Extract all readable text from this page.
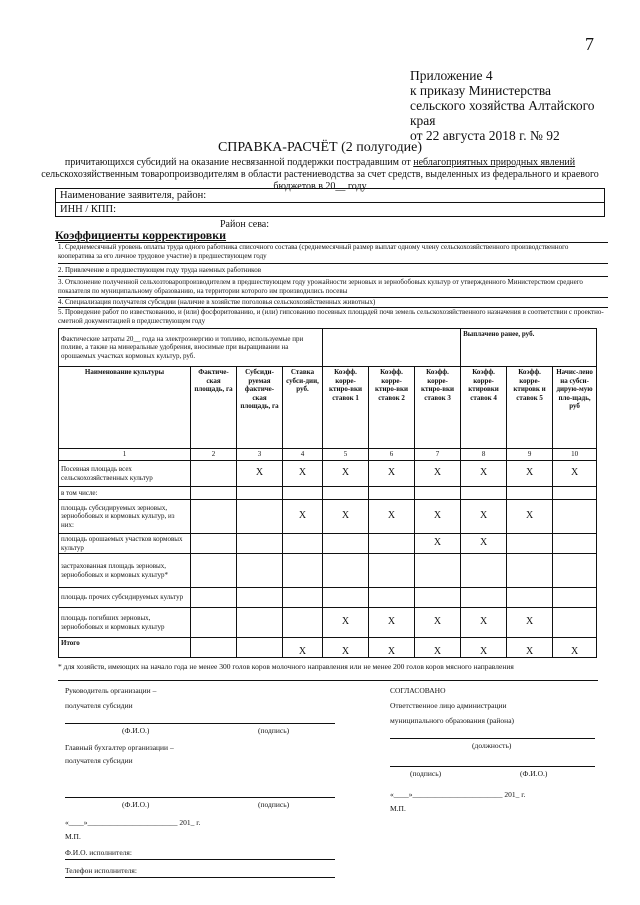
7
Приложение 4
к приказу Министерства
сельского хозяйства Алтайского
края
от 22 августа 2018 г. № 92
СПРАВКА-РАСЧЁТ (2 полугодие)
причитающихся субсидий на оказание несвязанной поддержки пострадавшим от неблагоприятных природных явлений сельскохозяйственным товаропроизводителям в области растениеводства за счет средств, выделенных из федерального и краевого бюджетов в 20__ году
Наименование заявителя, район:
ИНН / КПП:
Район сева:
Коэффициенты корректировки
1. Среднемесячный уровень оплаты труда одного работника списочного состава (среднемесячный размер выплат одному члену сельскохозяйственного производственного кооператива за его личное трудовое участие) в предшествующем году
2. Привлечение в предшествующем году труда наемных работников
3. Отклонение полученной сельхозтоваропроизводителем в предшествующем году урожайности зерновых и зернобобовых культур от утвержденного Министерством среднего показателя по муниципальному образованию, на территории которого им производились посевы
4. Специализация получателя субсидии (наличие в хозяйстве поголовья сельскохозяйственных животных)
5. Проведение работ по известкованию, и (или) фосфоритованию, и (или) гипсованию посевных площадей почв земель сельскохозяйственного назначения в соответствии с проектно-сметной документацией в предшествующем году
Фактические затраты 20__ года на электроэнергию и топливо, используемые при поливе, а также на минеральные удобрения, вносимые при выращивании на орошаемых участках кормовых культур, руб.							Выплачено ранее, руб.		
Наименование культуры	Фактиче-ская площадь, га	Субсиди-руемая фактиче-ская площадь, га	Ставка субси-дии, руб.	Коэфф. корре-ктиро-вки ставок 1	Коэфф. корре-ктиро-вки ставок 2	Коэфф. корре-ктиро-вки ставок 3	Коэфф. корре-ктировки ставок 4	Коэфф. корре-ктировк и ставок 5	Начис-лено на субси-дирую-мую пло-щадь, руб
1	2	3	4	5	6	7	8	9	10
Посевная площадь всех сельскохозяйственных культур		X	X	X	X	X	X	X	X
в том числе:									
площадь субсидируемых зерновых, зернобобовых и кормовых культур, из них:			X	X	X	X	X	X	
площадь орошаемых участков кормовых культур						X	X		
застрахованная площадь зерновых, зернобобовых и кормовых культур*									
площадь прочих субсидируемых культур									
площадь погибших зерновых, зернобобовых и кормовых культур				X	X	X	X	X	
Итого			X	X	X	X	X	X	X
* для хозяйств, имеющих на начало года не менее 300 голов коров молочного направления или не менее 200 голов коров мясного направления
Руководитель организации –
получателя субсидии
(Ф.И.О.)	(подпись)
Главный бухгалтер организации –
получателя субсидии
(Ф.И.О.)	(подпись)
«____»________________________ 201_ г.
М.П.
Ф.И.О. исполнителя:
Телефон исполнителя:
СОГЛАСОВАНО
Ответственное лицо администрации
муниципального образования (района)
(должность)
(подпись)	(Ф.И.О.)
«____»________________________ 201_ г.
М.П.
